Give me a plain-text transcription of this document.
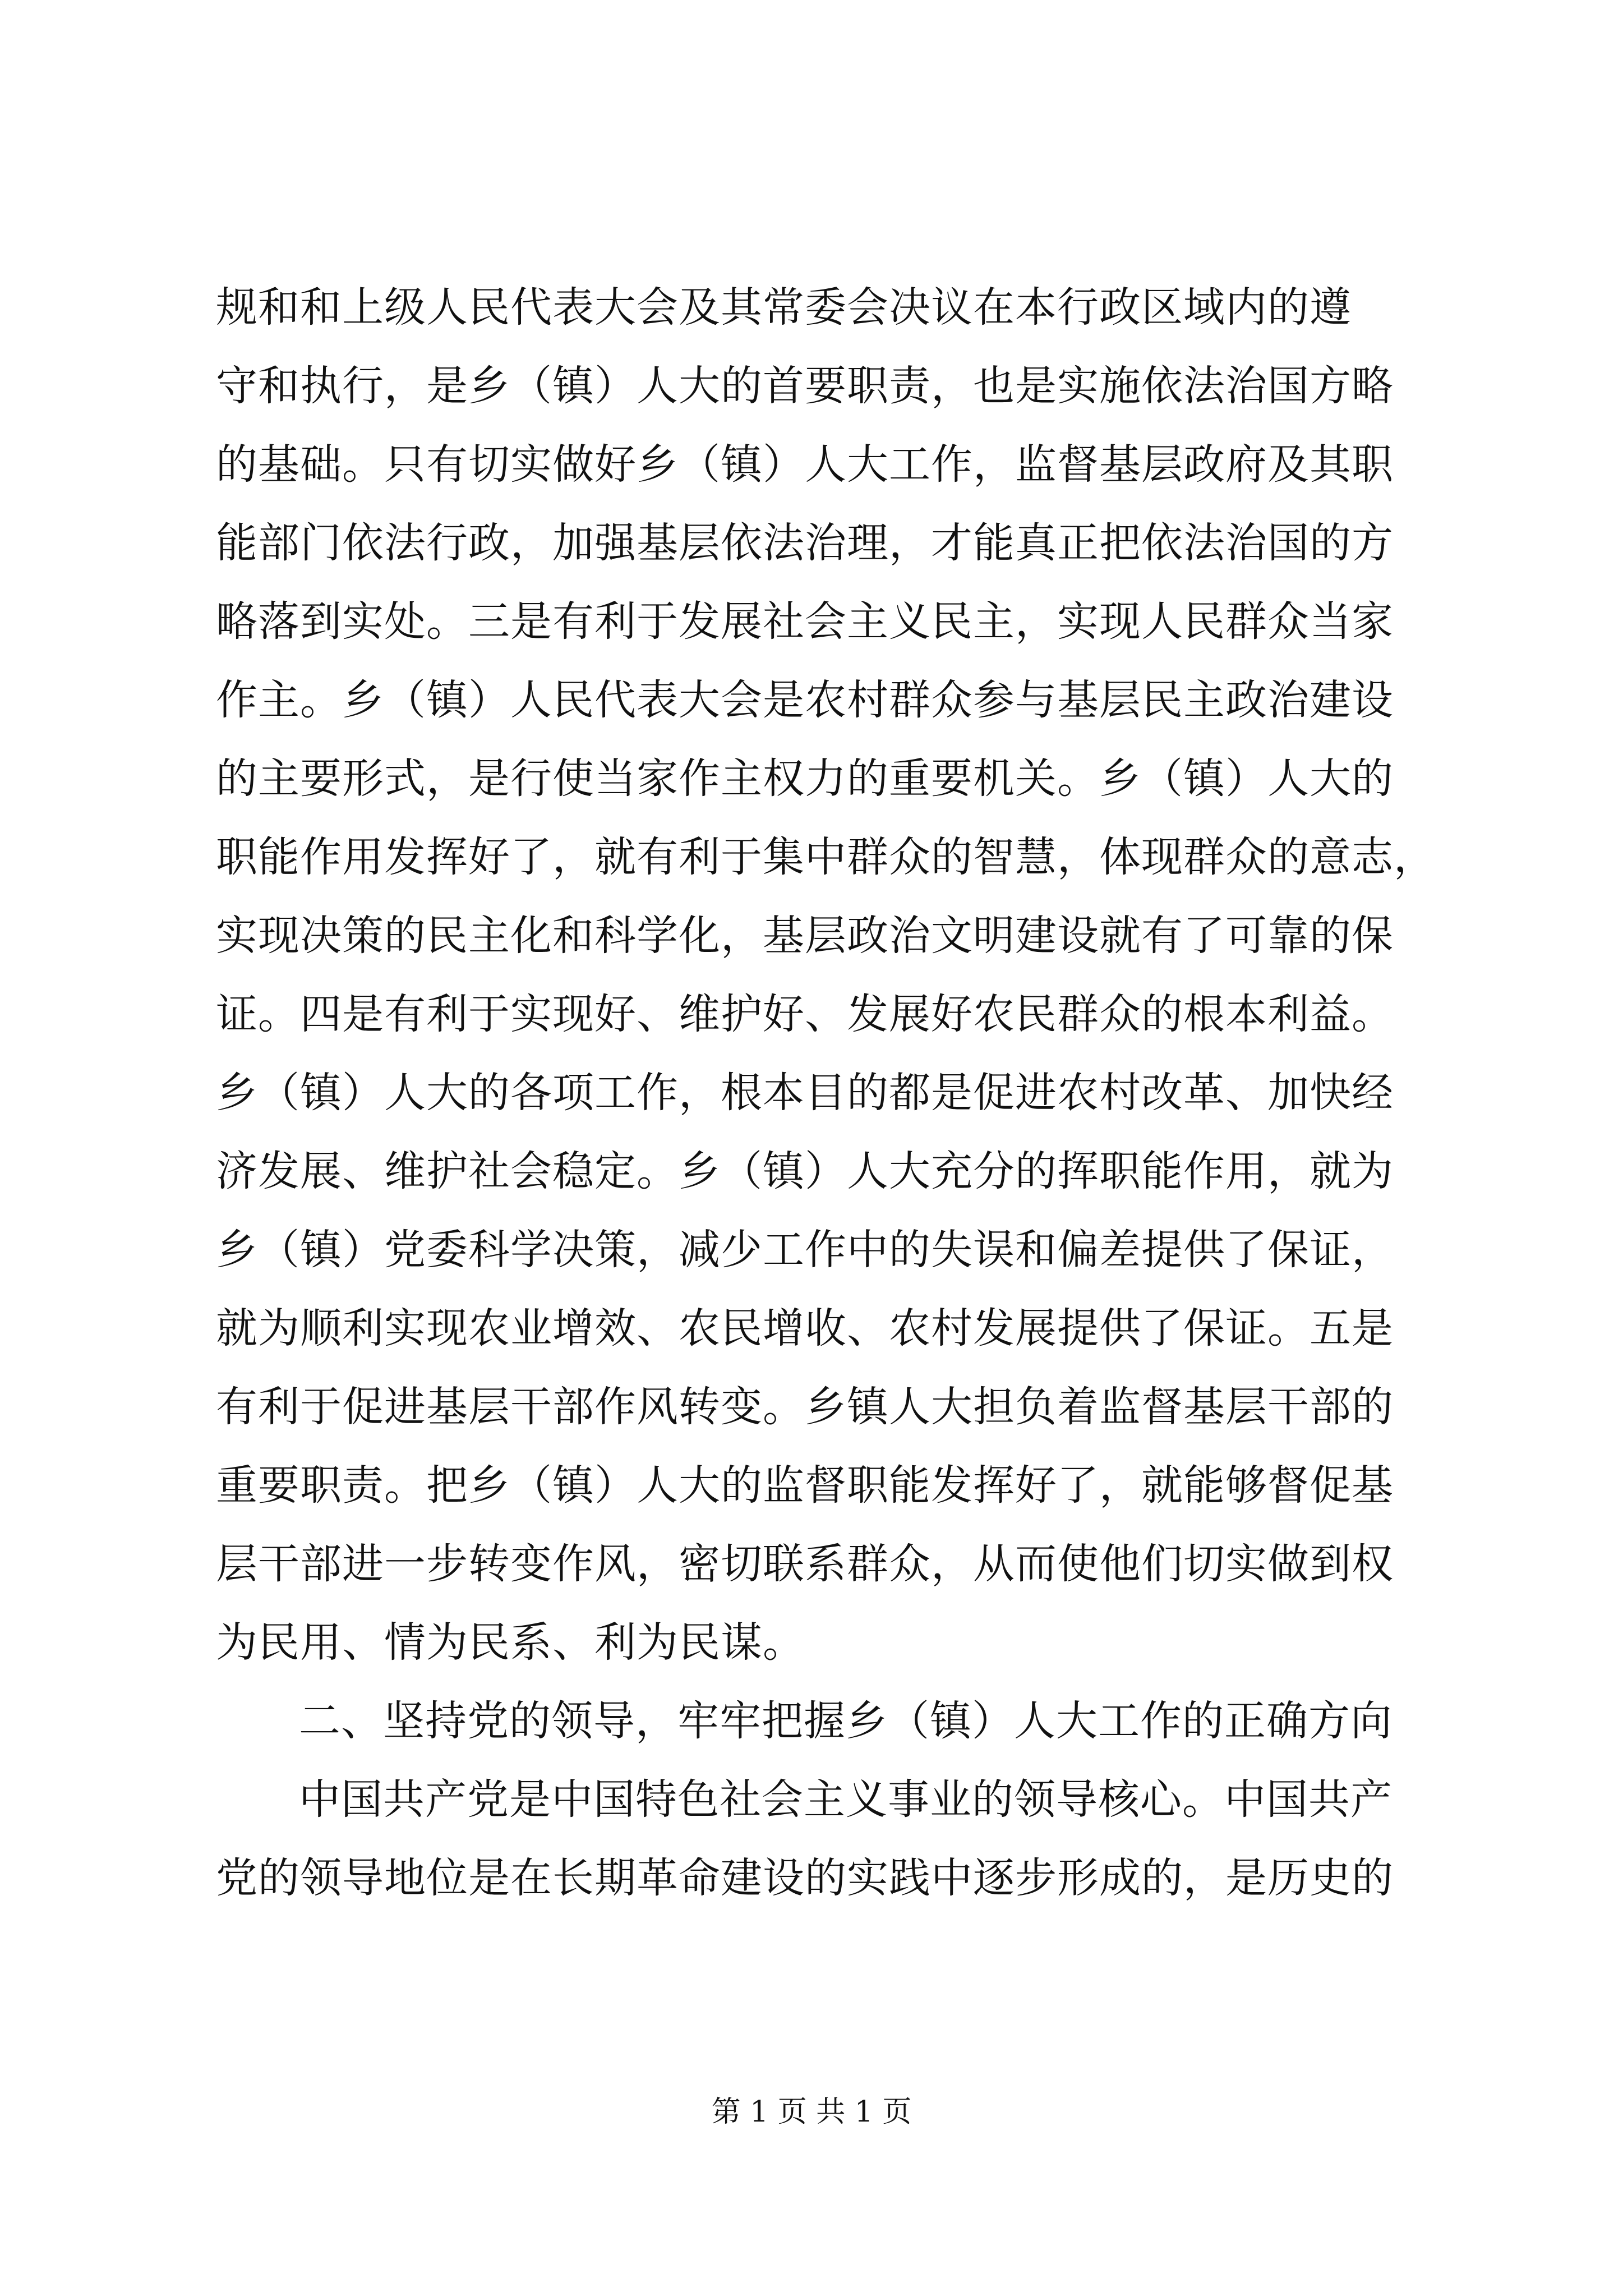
规和和上级人民代表大会及其常委会决议在本行政区域内的遵
守和执行，是乡（镇）人大的首要职责，也是实施依法治国方略
的基础。只有切实做好乡（镇）人大工作，监督基层政府及其职
能部门依法行政，加强基层依法治理，才能真正把依法治国的方
略落到实处。三是有利于发展社会主义民主，实现人民群众当家
作主。乡（镇）人民代表大会是农村群众参与基层民主政治建设
的主要形式，是行使当家作主权力的重要机关。乡（镇）人大的
职能作用发挥好了，就有利于集中群众的智慧，体现群众的意志，
实现决策的民主化和科学化，基层政治文明建设就有了可靠的保
证。四是有利于实现好、维护好、发展好农民群众的根本利益。
乡（镇）人大的各项工作，根本目的都是促进农村改革、加快经
济发展、维护社会稳定。乡（镇）人大充分的挥职能作用，就为
乡（镇）党委科学决策，减少工作中的失误和偏差提供了保证，
就为顺利实现农业增效、农民增收、农村发展提供了保证。五是
有利于促进基层干部作风转变。乡镇人大担负着监督基层干部的
重要职责。把乡（镇）人大的监督职能发挥好了，就能够督促基
层干部进一步转变作风，密切联系群众，从而使他们切实做到权
为民用、情为民系、利为民谋。
二、坚持党的领导，牢牢把握乡（镇）人大工作的正确方向
中国共产党是中国特色社会主义事业的领导核心。中国共产
党的领导地位是在长期革命建设的实践中逐步形成的，是历史的
第 1 页 共 1 页
